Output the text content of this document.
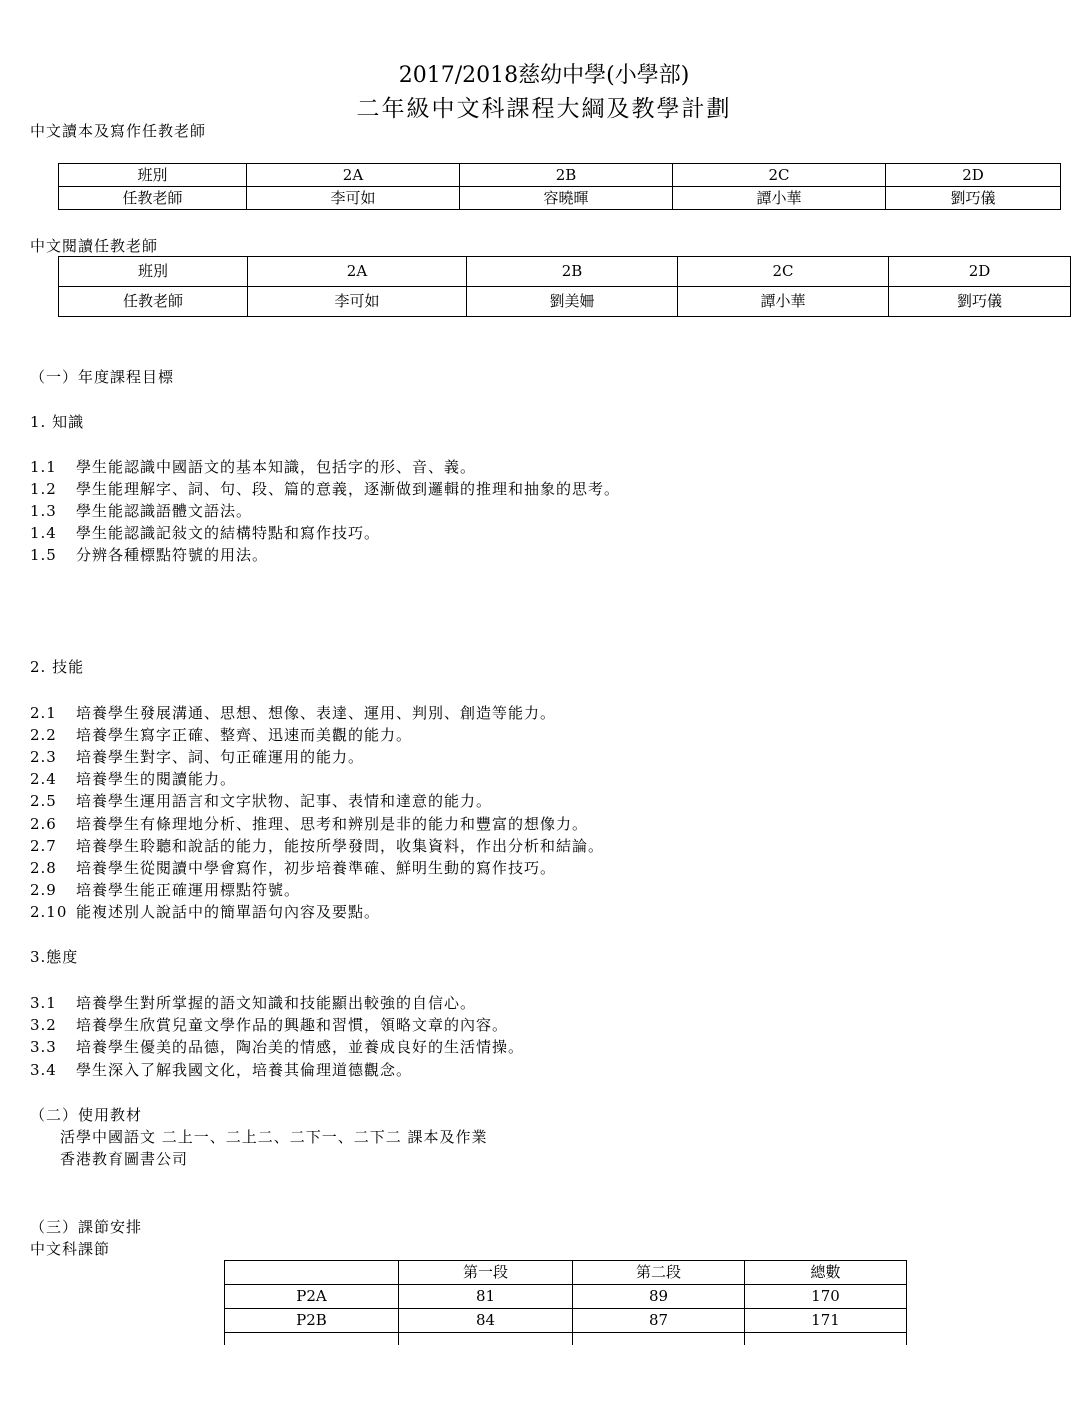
2017/2018慈幼中學(小學部)
二年級中文科課程大綱及教學計劃
中文讀本及寫作任教老師
班別	2A	2B	2C	2D
任教老師	李可如	容曉暉	譚小華	劉巧儀
中文閱讀任教老師
班別	2A	2B	2C	2D
任教老師	李可如	劉美姍	譚小華	劉巧儀
（一）年度課程目標
1. 知識
1.1 學生能認識中國語文的基本知識，包括字的形、音、義。
1.2 學生能理解字、詞、句、段、篇的意義，逐漸做到邏輯的推理和抽象的思考。
1.3 學生能認識語體文語法。
1.4 學生能認識記敍文的結構特點和寫作技巧。
1.5 分辨各種標點符號的用法。
2. 技能
2.1 培養學生發展溝通、思想、想像、表達、運用、判別、創造等能力。
2.2 培養學生寫字正確、整齊、迅速而美觀的能力。
2.3 培養學生對字、詞、句正確運用的能力。
2.4 培養學生的閱讀能力。
2.5 培養學生運用語言和文字狀物、記事、表情和達意的能力。
2.6 培養學生有條理地分析、推理、思考和辨別是非的能力和豐富的想像力。
2.7 培養學生聆聽和說話的能力，能按所學發問，收集資料，作出分析和結論。
2.8 培養學生從閱讀中學會寫作，初步培養準確、鮮明生動的寫作技巧。
2.9 培養學生能正確運用標點符號。
2.10 能複述別人說話中的簡單語句內容及要點。
3.態度
3.1 培養學生對所掌握的語文知識和技能顯出較強的自信心。
3.2 培養學生欣賞兒童文學作品的興趣和習慣，領略文章的內容。
3.3 培養學生優美的品德，陶冶美的情感，並養成良好的生活情操。
3.4 學生深入了解我國文化，培養其倫理道德觀念。
（二）使用教材
活學中國語文 二上一、二上二、二下一、二下二 課本及作業
香港教育圖書公司
（三）課節安排
中文科課節
	第一段	第二段	總數
P2A	81	89	170
P2B	84	87	171
